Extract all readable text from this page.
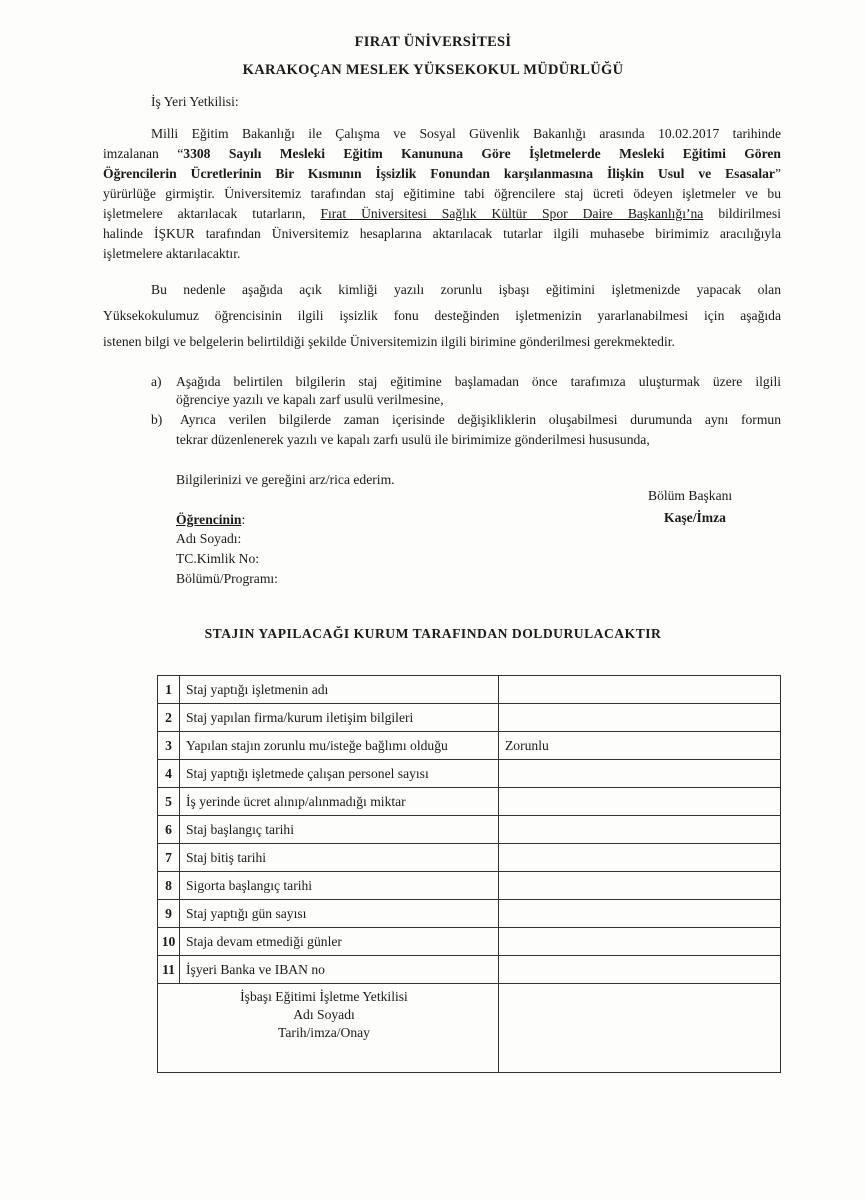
FIRAT ÜNİVERSİTESİ
KARAKOÇAN MESLEK YÜKSEKOKUL MÜDÜRLÜĞÜ
İş Yeri Yetkilisi:
Milli Eğitim Bakanlığı ile Çalışma ve Sosyal Güvenlik Bakanlığı arasında 10.02.2017 tarihinde
imzalanan “3308 Sayılı Mesleki Eğitim Kanununa Göre İşletmelerde Mesleki Eğitimi Gören
Öğrencilerin Ücretlerinin Bir Kısmının İşsizlik Fonundan karşılanmasına İlişkin Usul ve Esasalar”
yürürlüğe girmiştir. Üniversitemiz tarafından staj eğitimine tabi öğrencilere staj ücreti ödeyen işletmeler ve bu
işletmelere aktarılacak tutarların, Fırat Üniversitesi Sağlık Kültür Spor Daire Başkanlığı’na bildirilmesi
halinde İŞKUR tarafından Üniversitemiz hesaplarına aktarılacak tutarlar ilgili muhasebe birimimiz aracılığıyla
işletmelere aktarılacaktır.
Bu nedenle aşağıda açık kimliği yazılı zorunlu işbaşı eğitimini işletmenizde yapacak olan
Yüksekokulumuz öğrencisinin ilgili işsizlik fonu desteğinden işletmenizin yararlanabilmesi için aşağıda
istenen bilgi ve belgelerin belirtildiği şekilde Üniversitemizin ilgili birimine gönderilmesi gerekmektedir.
a) Aşağıda belirtilen bilgilerin staj eğitimine başlamadan önce tarafımıza uluşturmak üzere ilgili
öğrenciye yazılı ve kapalı zarf usulü verilmesine,
b) Ayrıca verilen bilgilerde zaman içerisinde değişikliklerin oluşabilmesi durumunda aynı formun
tekrar düzenlenerek yazılı ve kapalı zarfı usulü ile birimimize gönderilmesi hususunda,
Bilgilerinizi ve gereğini arz/rica ederim.
Bölüm Başkanı
Kaşe/İmza
Öğrencinin:
Adı Soyadı:
TC.Kimlik No:
Bölümü/Programı:
STAJIN YAPILACAĞI KURUM TARAFINDAN DOLDURULACAKTIR
1	Staj yaptığı işletmenin adı	
2	Staj yapılan firma/kurum iletişim bilgileri	
3	Yapılan stajın zorunlu mu/isteğe bağlımı olduğu	Zorunlu
4	Staj yaptığı işletmede çalışan personel sayısı	
5	İş yerinde ücret alınıp/alınmadığı miktar	
6	Staj başlangıç tarihi	
7	Staj bitiş tarihi	
8	Sigorta başlangıç tarihi	
9	Staj yaptığı gün sayısı	
10	Staja devam etmediği günler	
11	İşyeri Banka ve IBAN no	

İşbaşı Eğitimi İşletme Yetkilisi
Adı Soyadı
Tarih/imza/Onay		
